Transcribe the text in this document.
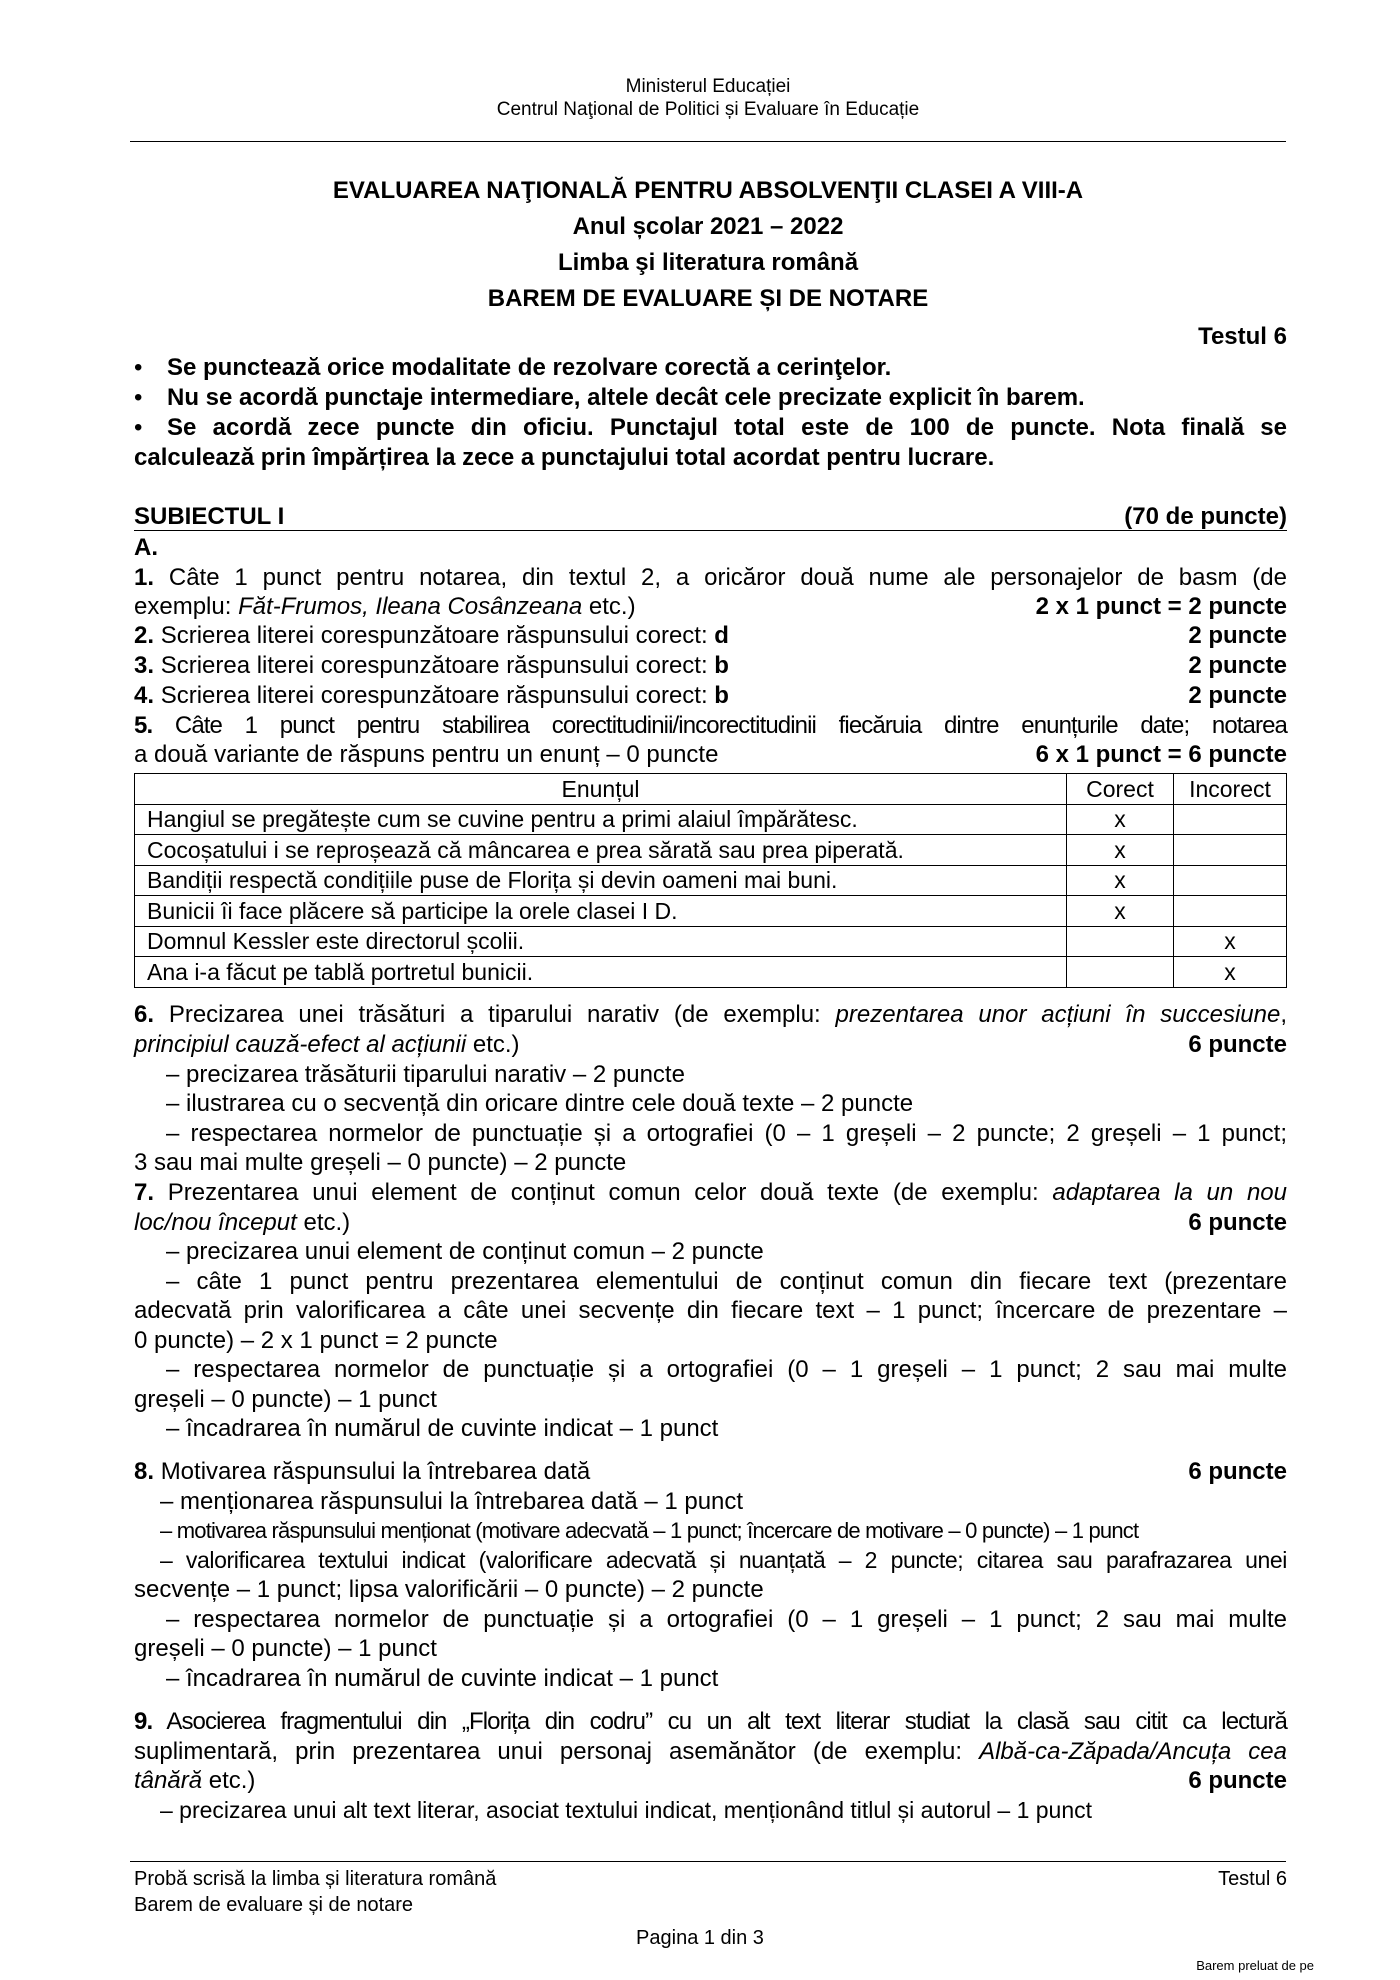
Ministerul Educației
Centrul Naţional de Politici și Evaluare în Educație
EVALUAREA NAŢIONALĂ PENTRU ABSOLVENŢII CLASEI A VIII-A
Anul școlar 2021 – 2022
Limba şi literatura română
BAREM DE EVALUARE ȘI DE NOTARE
Testul 6
• Se punctează orice modalitate de rezolvare corectă a cerinţelor.
• Nu se acordă punctaje intermediare, altele decât cele precizate explicit în barem.
• Se acordă zece puncte din oficiu. Punctajul total este de 100 de puncte. Nota finală se
calculează prin împărțirea la zece a punctajului total acordat pentru lucrare.
SUBIECTUL I	(70 de puncte)
A.
1. Câte 1 punct pentru notarea, din textul 2, a oricăror două nume ale personajelor de basm (de
exemplu: Făt-Frumos, Ileana Cosânzeana etc.)	2 x 1 punct = 2 puncte
2. Scrierea literei corespunzătoare răspunsului corect: d	2 puncte
3. Scrierea literei corespunzătoare răspunsului corect: b	2 puncte
4. Scrierea literei corespunzătoare răspunsului corect: b	2 puncte
5. Câte 1 punct pentru stabilirea corectitudinii/incorectitudinii fiecăruia dintre enunțurile date; notarea
a două variante de răspuns pentru un enunț – 0 puncte	6 x 1 punct = 6 puncte
Enunțul	Corect	Incorect
Hangiul se pregătește cum se cuvine pentru a primi alaiul împărătesc.	x	
Cocoșatului i se reproșează că mâncarea e prea sărată sau prea piperată.	x	
Bandiții respectă condițiile puse de Florița și devin oameni mai buni.	x	
Bunicii îi face plăcere să participe la orele clasei I D.	x	
Domnul Kessler este directorul școlii.		x
Ana i-a făcut pe tablă portretul bunicii.		x
6. Precizarea unei trăsături a tiparului narativ (de exemplu: prezentarea unor acțiuni în succesiune,
principiul cauză-efect al acțiunii etc.)	6 puncte
– precizarea trăsăturii tiparului narativ – 2 puncte
– ilustrarea cu o secvență din oricare dintre cele două texte – 2 puncte
– respectarea normelor de punctuație și a ortografiei (0 – 1 greșeli – 2 puncte; 2 greșeli – 1 punct;
3 sau mai multe greșeli – 0 puncte) – 2 puncte
7. Prezentarea unui element de conținut comun celor două texte (de exemplu: adaptarea la un nou
loc/nou început etc.)	6 puncte
– precizarea unui element de conținut comun – 2 puncte
– câte 1 punct pentru prezentarea elementului de conținut comun din fiecare text (prezentare
adecvată prin valorificarea a câte unei secvențe din fiecare text – 1 punct; încercare de prezentare –
0 puncte) – 2 x 1 punct = 2 puncte
– respectarea normelor de punctuație și a ortografiei (0 – 1 greșeli – 1 punct; 2 sau mai multe
greșeli – 0 puncte) – 1 punct
– încadrarea în numărul de cuvinte indicat – 1 punct
8. Motivarea răspunsului la întrebarea dată	6 puncte
– menționarea răspunsului la întrebarea dată – 1 punct
– motivarea răspunsului menționat (motivare adecvată – 1 punct; încercare de motivare – 0 puncte) – 1 punct
– valorificarea textului indicat (valorificare adecvată și nuanțată – 2 puncte; citarea sau parafrazarea unei
secvențe – 1 punct; lipsa valorificării – 0 puncte) – 2 puncte
– respectarea normelor de punctuație și a ortografiei (0 – 1 greșeli – 1 punct; 2 sau mai multe
greșeli – 0 puncte) – 1 punct
– încadrarea în numărul de cuvinte indicat – 1 punct
9. Asocierea fragmentului din „Florița din codru” cu un alt text literar studiat la clasă sau citit ca lectură
suplimentară, prin prezentarea unui personaj asemănător (de exemplu: Albă-ca-Zăpada/Ancuța cea
tânără etc.)	6 puncte
– precizarea unui alt text literar, asociat textului indicat, menționând titlul și autorul – 1 punct
Probă scrisă la limba și literatura română	Testul 6
Barem de evaluare și de notare
Pagina 1 din 3
Barem preluat de pe
